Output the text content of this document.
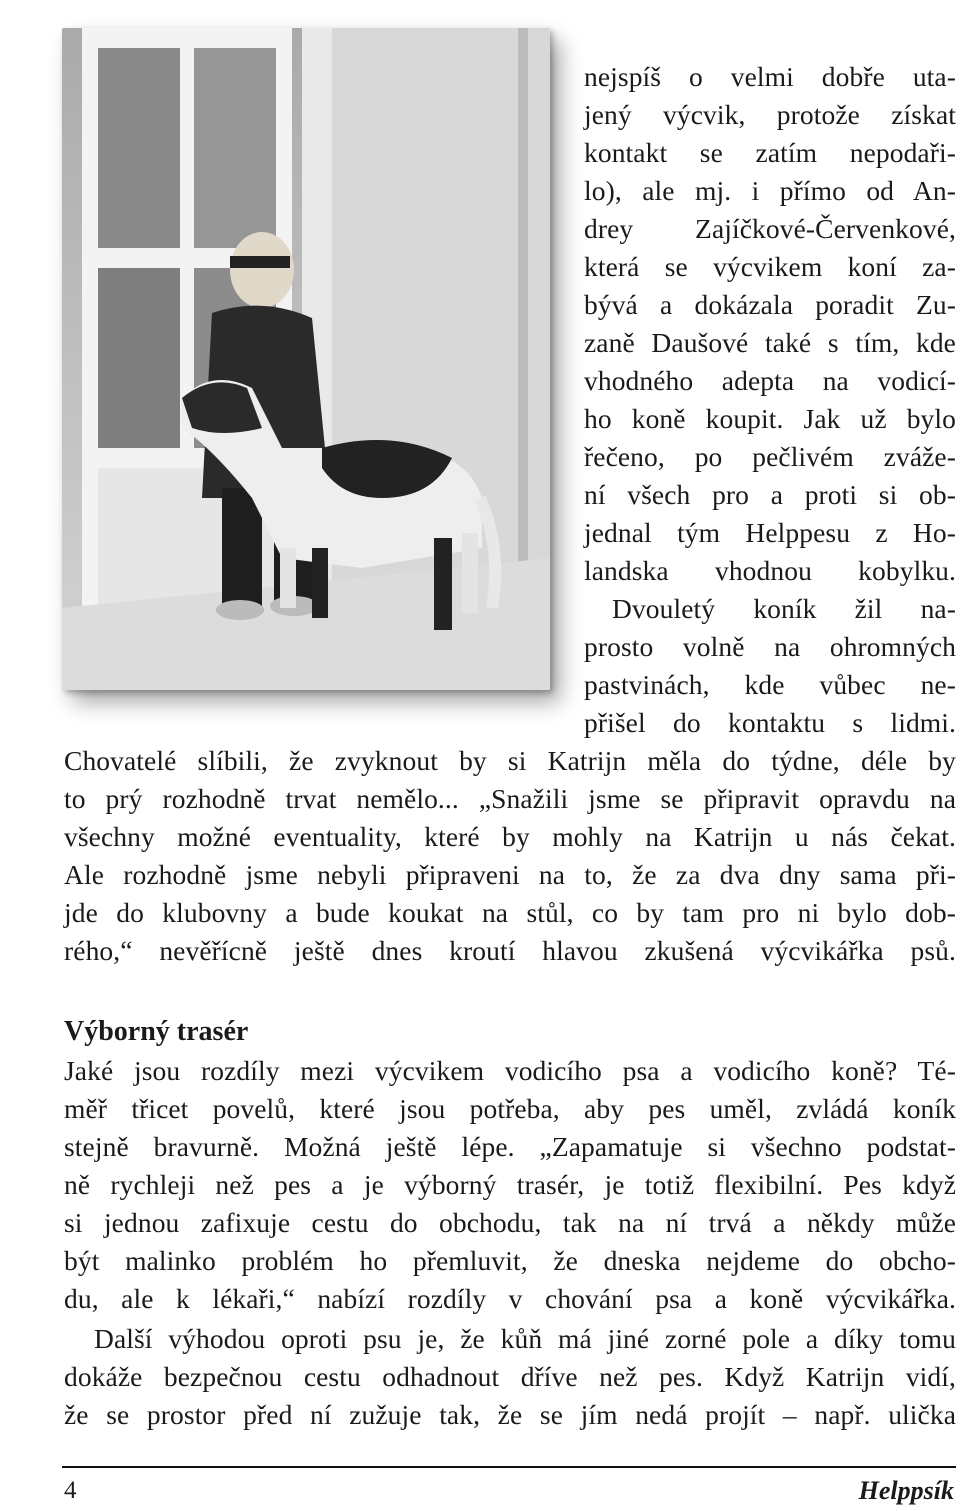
nejspíš o velmi dobře uta-
jený výcvik, protože získat
kontakt se zatím nepodaři-
lo), ale mj. i přímo od An-
drey Zajíčkové-Červenkové,
která se výcvikem koní za-
bývá a dokázala poradit Zu-
zaně Daušové také s tím, kde
vhodného adepta na vodicí-
ho koně koupit. Jak už bylo
řečeno, po pečlivém zváže-
ní všech pro a proti si ob-
jednal tým Helppesu z Ho-
landska vhodnou kobylku.
Dvouletý koník žil na-
prosto volně na ohromných
pastvinách, kde vůbec ne-
přišel do kontaktu s lidmi.
Chovatelé slíbili, že zvyknout by si Katrijn měla do týdne, déle by
to prý rozhodně trvat nemělo... „Snažili jsme se připravit opravdu na
všechny možné eventuality, které by mohly na Katrijn u nás čekat.
Ale rozhodně jsme nebyli připraveni na to, že za dva dny sama při-
jde do klubovny a bude koukat na stůl, co by tam pro ni bylo dob-
rého,“ nevěřícně ještě dnes kroutí hlavou zkušená výcvikářka psů.
Výborný trasér
Jaké jsou rozdíly mezi výcvikem vodicího psa a vodicího koně? Té-
měř třicet povelů, které jsou potřeba, aby pes uměl, zvládá koník
stejně bravurně. Možná ještě lépe. „Zapamatuje si všechno podstat-
ně rychleji než pes a je výborný trasér, je totiž flexibilní. Pes když
si jednou zafixuje cestu do obchodu, tak na ní trvá a někdy může
být malinko problém ho přemluvit, že dneska nejdeme do obcho-
du, ale k lékaři,“ nabízí rozdíly v chování psa a koně výcvikářka.
Další výhodou oproti psu je, že kůň má jiné zorné pole a díky tomu
dokáže bezpečnou cestu odhadnout dříve než pes. Když Katrijn vidí,
že se prostor před ní zužuje tak, že se jím nedá projít – např. ulička
4	Helppsík
